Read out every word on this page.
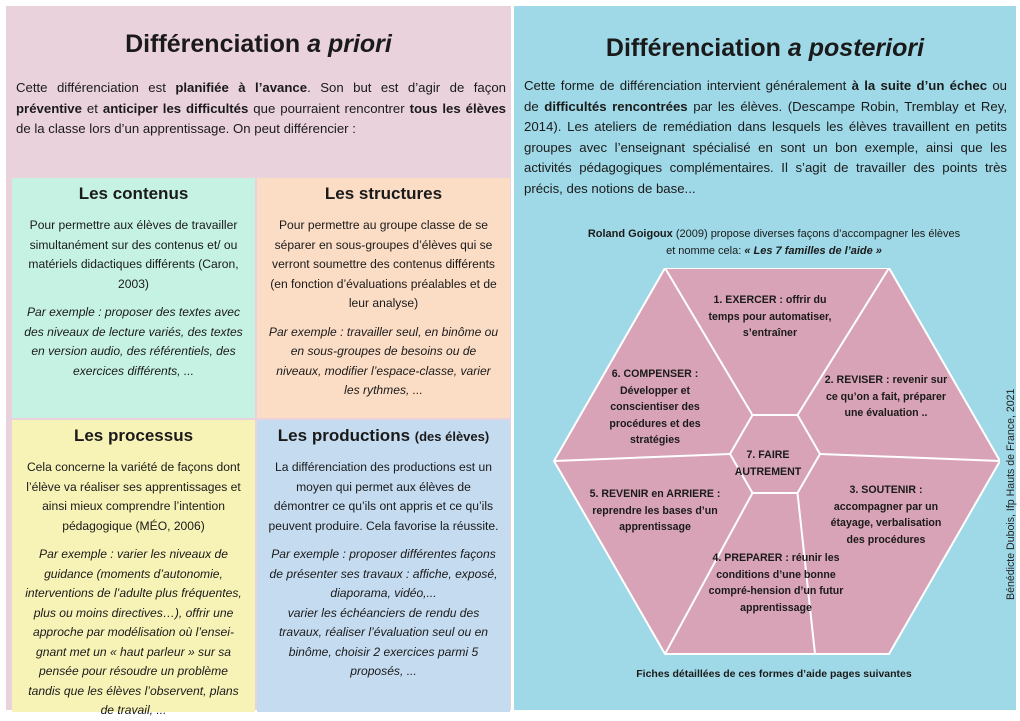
Différenciation a priori
Cette différenciation est planifiée à l’avance. Son but est d’agir de façon préventive et anticiper les difficultés que pourraient rencontrer tous les élèves de la classe lors d’un apprentissage. On peut différencier :
Les contenus

Pour permettre aux élèves de travailler simultanément sur des contenus et/ ou matériels didactiques différents (Caron, 2003)

Par exemple : proposer des textes avec des niveaux de lecture variés, des textes en version audio, des référentiels, des exercices différents, ...

Les structures

Pour permettre au groupe classe de se séparer en sous-groupes d’élèves qui se verront soumettre des contenus différents (en fonction d’évaluations préalables et de leur analyse)

Par exemple : travailler seul, en binôme ou en sous-groupes de besoins ou de niveaux, modifier l’espace-classe, varier les rythmes, ...

Les processus

Cela concerne la variété de façons dont l’élève va réaliser ses apprentissages et ainsi mieux comprendre l’intention pédagogique (MÉO, 2006)

Par exemple : varier les niveaux de guidance (moments d’autonomie, interventions de l’adulte plus fréquentes, plus ou moins directives…), offrir une approche par modélisation où l’ensei-gnant met un « haut parleur » sur sa pensée pour résoudre un problème tandis que les élèves l’observent, plans de travail, ...

Les productions (des élèves)

La différenciation des productions est un moyen qui permet aux élèves de démontrer ce qu’ils ont appris et ce qu’ils peuvent produire. Cela favorise la réussite.

Par exemple : proposer différentes façons de présenter ses travaux : affiche, exposé, diaporama, vidéo,...

varier les échéanciers de rendu des travaux, réaliser l’évaluation seul ou en binôme, choisir 2 exercices parmi 5 proposés, ...

Différenciation a posteriori
Cette forme de différenciation intervient généralement à la suite d’un échec ou de difficultés rencontrées par les élèves. (Descampe Robin, Tremblay et Rey, 2014). Les ateliers de remédiation dans lesquels les élèves travaillent en petits groupes avec l’enseignant spécialisé en sont un bon exemple, ainsi que les activités pédagogiques complémentaires. Il s’agit de travailler des points très précis, des notions de base...
Roland Goigoux (2009) propose diverses façons d’accompagner les élèves
et nomme cela: « Les 7 familles de l’aide »
1. EXERCER : offrir du temps pour automatiser, s’entraîner
2. REVISER : revenir sur ce qu’on a fait, préparer une évaluation ..
3. SOUTENIR : accompagner par un étayage, verbalisation des procédures
4. PREPARER : réunir les conditions d’une bonne compré-hension d’un futur apprentissage
5. REVENIR en ARRIERE : reprendre les bases d’un apprentissage
6. COMPENSER : Développer et conscientiser des procédures et des stratégies
7. FAIRE AUTREMENT
Fiches détaillées de ces formes d’aide pages suivantes
Bénédicte Dubois, Ifp Hauts de France, 2021
